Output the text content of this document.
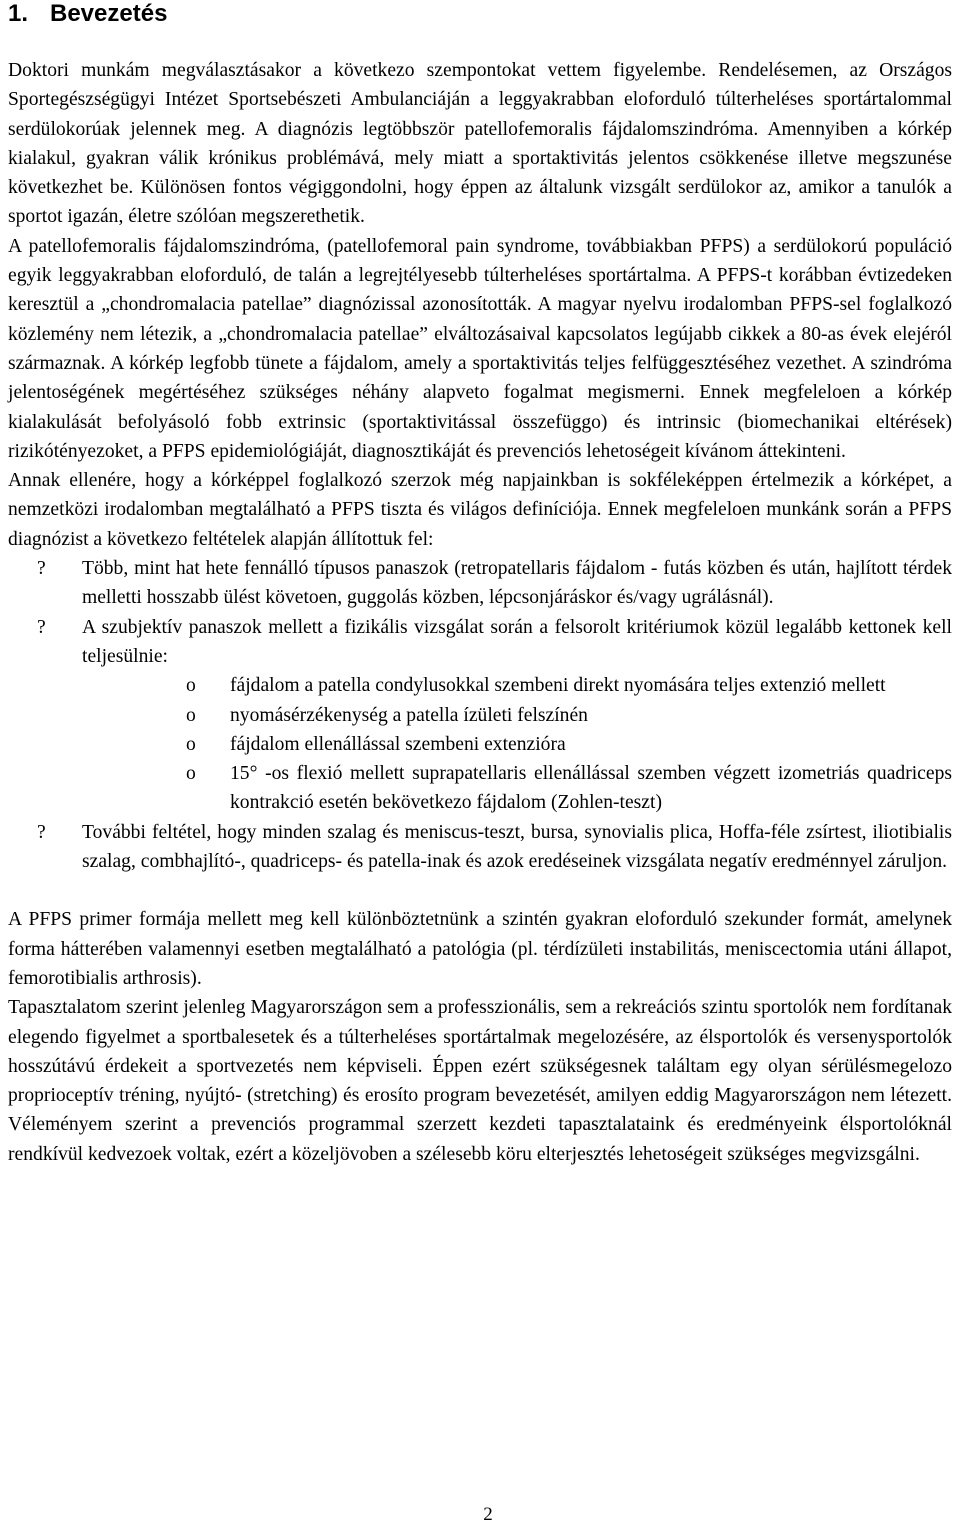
1. Bevezetés

Doktori munkám megválasztásakor a következo szempontokat vettem figyelembe. Rendelésemen, az Országos Sportegészségügyi Intézet Sportsebészeti Ambulanciáján a leggyakrabban eloforduló túlterheléses sportártalommal serdülokorúak jelennek meg. A diagnózis legtöbbször patellofemoralis fájdalomszindróma. Amennyiben a kórkép kialakul, gyakran válik krónikus problémává, mely miatt a sportaktivitás jelentos csökkenése illetve megszunése következhet be. Különösen fontos végiggondolni, hogy éppen az általunk vizsgált serdülokor az, amikor a tanulók a sportot igazán, életre szólóan megszerethetik.

A patellofemoralis fájdalomszindróma, (patellofemoral pain syndrome, továbbiakban PFPS) a serdülokorú populáció egyik leggyakrabban eloforduló, de talán a legrejtélyesebb túlterheléses sportártalma. A PFPS-t korábban évtizedeken keresztül a „chondromalacia patellae” diagnózissal azonosították. A magyar nyelvu irodalomban PFPS-sel foglalkozó közlemény nem létezik, a „chondromalacia patellae” elváltozásaival kapcsolatos legújabb cikkek a 80-as évek elejéról származnak. A kórkép legfobb tünete a fájdalom, amely a sportaktivitás teljes felfüggesztéséhez vezethet. A szindróma jelentoségének megértéséhez szükséges néhány alapveto fogalmat megismerni. Ennek megfeleloen a kórkép kialakulását befolyásoló fobb extrinsic (sportaktivitással összefüggo) és intrinsic (biomechanikai eltérések) rizikótényezoket, a PFPS epidemiológiáját, diagnosztikáját és prevenciós lehetoségeit kívánom áttekinteni.

Annak ellenére, hogy a kórképpel foglalkozó szerzok még napjainkban is sokféleképpen értelmezik a kórképet, a nemzetközi irodalomban megtalálható a PFPS tiszta és világos definíciója. Ennek megfeleloen munkánk során a PFPS diagnózist a következo feltételek alapján állítottuk fel:

? Több, mint hat hete fennálló típusos panaszok (retropatellaris fájdalom - futás közben és után, hajlított térdek melletti hosszabb ülést követoen, guggolás közben, lépcsonjáráskor és/vagy ugrálásnál).
? A szubjektív panaszok mellett a fizikális vizsgálat során a felsorolt kritériumok közül legalább kettonek kell teljesülnie:
o fájdalom a patella condylusokkal szembeni direkt nyomására teljes extenzió mellett
o nyomásérzékenység a patella ízületi felszínén
o fájdalom ellenállással szembeni extenzióra
o 15° -os flexió mellett suprapatellaris ellenállással szemben végzett izometriás quadriceps kontrakció esetén bekövetkezo fájdalom (Zohlen-teszt)
? További feltétel, hogy minden szalag és meniscus-teszt, bursa, synovialis plica, Hoffa-féle zsírtest, iliotibialis szalag, combhajlító-, quadriceps- és patella-inak és azok eredéseinek vizsgálata negatív eredménnyel záruljon.

A PFPS primer formája mellett meg kell különböztetnünk a szintén gyakran eloforduló szekunder formát, amelynek forma hátterében valamennyi esetben megtalálható a patológia (pl. térdízületi instabilitás, meniscectomia utáni állapot, femorotibialis arthrosis).

Tapasztalatom szerint jelenleg Magyarországon sem a professzionális, sem a rekreációs szintu sportolók nem fordítanak elegendo figyelmet a sportbalesetek és a túlterheléses sportártalmak megelozésére, az élsportolók és versenysportolók hosszútávú érdekeit a sportvezetés nem képviseli. Éppen ezért szükségesnek találtam egy olyan sérülésmegelozo proprioceptív tréning, nyújtó- (stretching) és erosíto program bevezetését, amilyen eddig Magyarországon nem létezett. Véleményem szerint a prevenciós programmal szerzett kezdeti tapasztalataink és eredményeink élsportolóknál rendkívül kedvezoek voltak, ezért a közeljövoben a szélesebb köru elterjesztés lehetoségeit szükséges megvizsgálni.

2
